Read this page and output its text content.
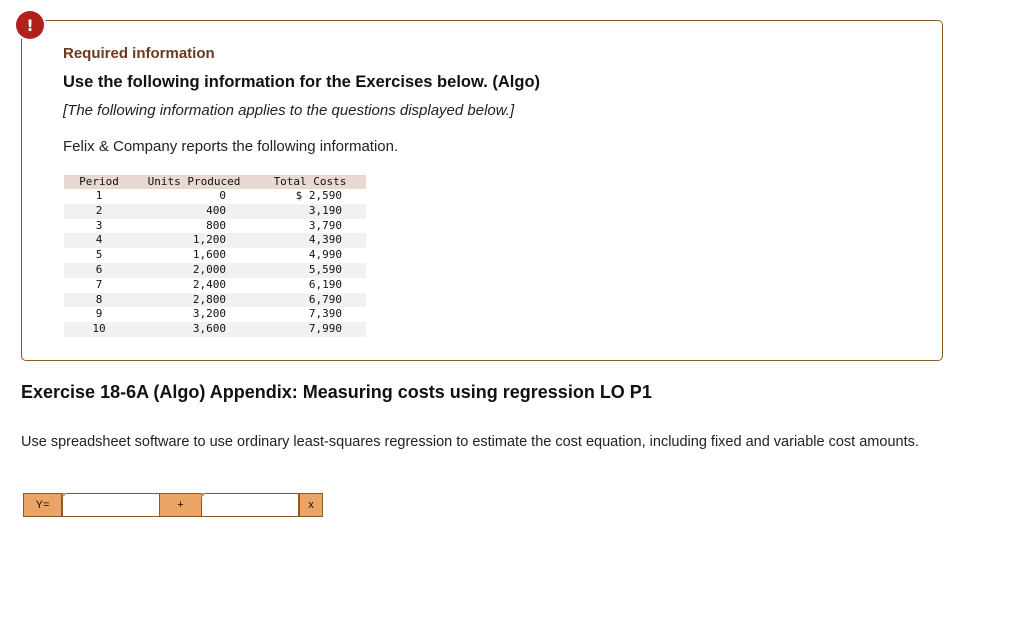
!
Required information
Use the following information for the Exercises below. (Algo)
[The following information applies to the questions displayed below.]
Felix & Company reports the following information.
Period	Units Produced	Total Costs
1	0	$ 2,590
2	400	3,190
3	800	3,790
4	1,200	4,390
5	1,600	4,990
6	2,000	5,590
7	2,400	6,190
8	2,800	6,790
9	3,200	7,390
10	3,600	7,990
Exercise 18-6A (Algo) Appendix: Measuring costs using regression LO P1
Use spreadsheet software to use ordinary least-squares regression to estimate the cost equation, including fixed and variable cost amounts.
Y=	+	x
